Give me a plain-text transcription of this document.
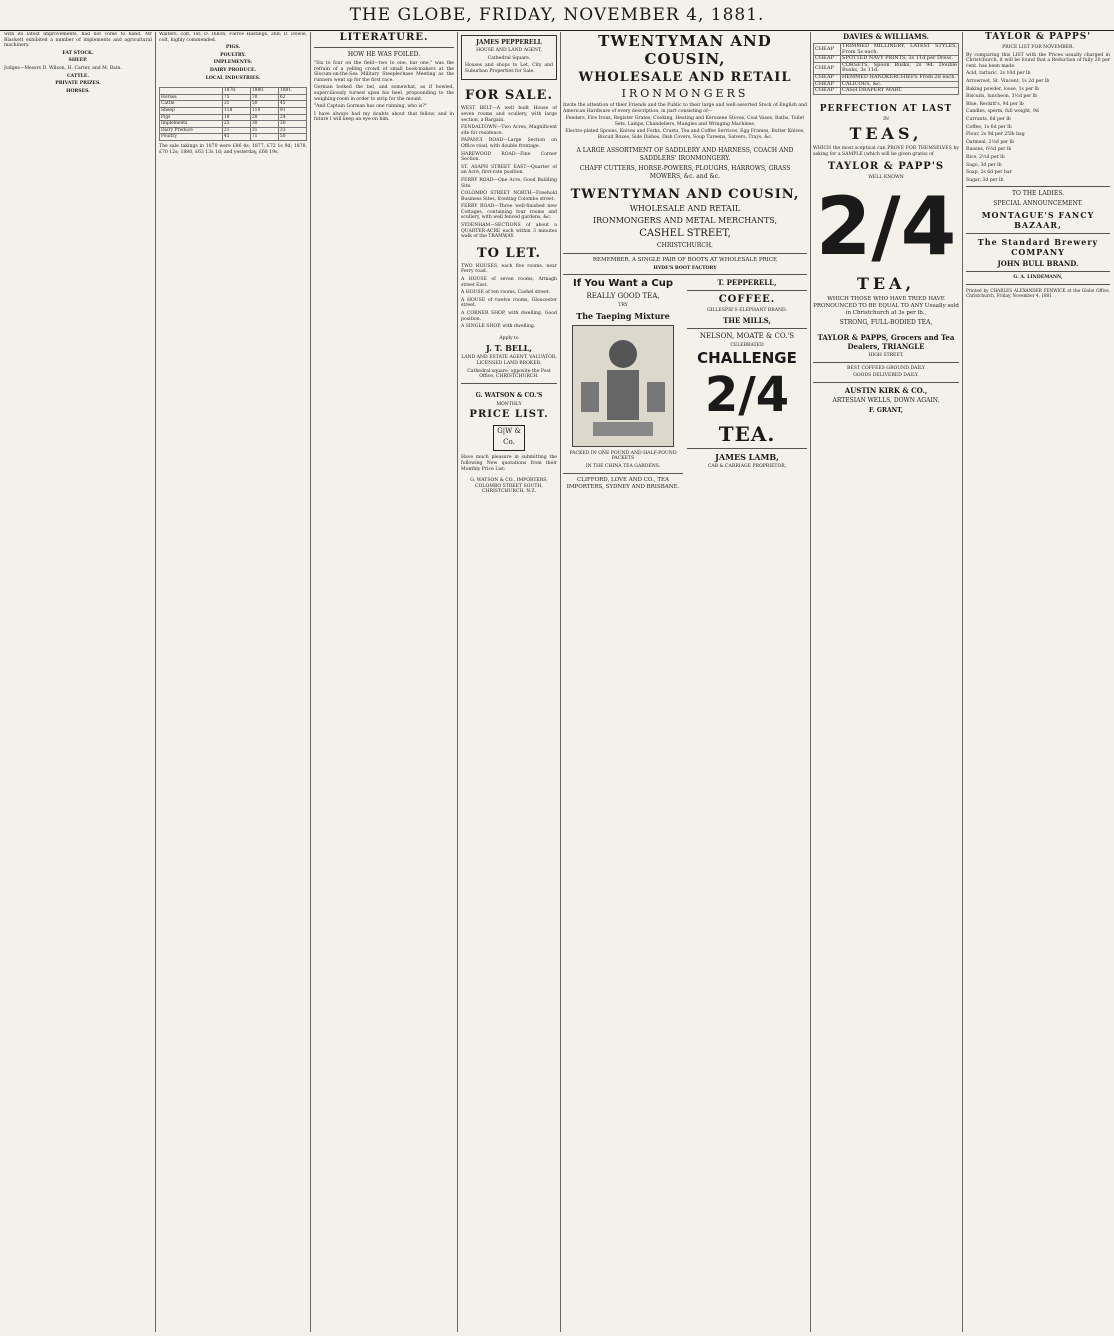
THE GLOBE, FRIDAY, NOVEMBER 4, 1881.

with its latest improvements, had not come to hand. Mr Blackett exhibited a number of implements and agricultural machinery.

FAT STOCK.

SHEEP.

Judges—Messrs D. Wilson, H. Carter, and M. Bain.

CATTLE.

PRIVATE PRIZES.

HORSES.

Walters, colt, 1st; D. Dillon, Fierce Hastings, 2nd; D. Dowie, colt, highly commended.

PIGS.

POULTRY.

IMPLEMENTS.

DAIRY PRODUCE.

LOCAL INDUSTRIES.

	1878.	1880.	1881.
Horses	75	70	62
Cattle	31	50	45
Sheep	118	110	91
Pigs	18	20	24
Implements	25	30	30
Dairy Produce	21	31	33
Poultry	45	71	50

The sale takings in 1870 were £86 4s; 1877, £72 1s 9d; 1878, £70 12s; 1880, £63 13s 1d; and yesterday, £68 19s.

LITERATURE.

HOW HE WAS FOILED.

"Six to four on the field—two to one, bar one," was the refrain of a yelling crowd of small book-makers at the Slocum-on-the-Sea Military Steeplechase Meeting as the runners went up for the first race.

Gorman looked the bel, and somewhat, as if bowled, superciliously turned upon his heel, propounding to the weighing-room in order to strip for the mount.

"And Captain Gorman has one running, who is?"

I have always had my doubts about that fellow, and in future I will keep an eye on him.

JAMES PEPPERELL

HOUSE AND LAND AGENT,

Cathedral Square.

Houses and shops to Let, City and Suburban Properties for Sale.

FOR SALE.

WEST BELT—A well built House of seven rooms and scullery, with large section, a Bargain.

FENDALTOWN—Two Acres, Magnificent site for residence.

PAPANUI ROAD—Large Section on Office road, with double frontage.

HAREWOOD ROAD—Fine Corner Section.

ST. ASAPH STREET EAST—Quarter of an Acre, first-rate position.

FERRY ROAD—One Acre. Good Building Site.

COLOMBO STREET NORTH—Freehold Business Sites, fronting Colombo street.

FERRY ROAD—Three well-finished new Cottages, containing four rooms and scullery, with well fenced gardens, &c.

SYDENHAM—SECTIONS of about a QUARTER-ACRE each within 3 minutes walk of the TRAMWAY.

TO LET.

TWO HOUSES, each five rooms, near Ferry road.

A HOUSE of seven rooms, Armagh street East.

A HOUSE of ten rooms, Cashel street.

A HOUSE of twelve rooms, Gloucester street.

A CORNER SHOP, with dwelling. Good position.

A SINGLE SHOP, with dwelling.

Apply to

J. T. BELL,

LAND AND ESTATE AGENT, VALUATOR, LICENSED LAND BROKER.

Cathedral square, opposite the Post Office, CHRISTCHURCH.

G. WATSON & CO.'S

MONTHLY

PRICE LIST.

G|W & Co.

Have much pleasure in submitting the following New quotations from their Monthly Price List:

G. WATSON & CO., IMPORTERS, COLOMBO STREET SOUTH, CHRISTCHURCH, N.Z.

TWENTYMAN AND COUSIN,

WHOLESALE AND RETAIL

IRONMONGERS

Invite the attention of their Friends and the Public to their large and well-assorted Stock of English and American Hardware of every description, in part consisting of—

Fenders, Fire Irons, Register Grates, Cooking, Heating and Kerosene Stoves, Coal Vases, Baths, Toilet Sets, Lamps, Chandeliers, Mangles and Wringing Machines.

Electro-plated Spoons, Knives and Forks, Cruets, Tea and Coffee Services, Egg Frames, Butter Knives, Biscuit Boxes, Side Dishes, Dish Covers, Soup Tureens, Salvers, Trays, &c.

A LARGE ASSORTMENT OF SADDLERY AND HARNESS, COACH AND SADDLERS' IRONMONGERY.

CHAFF CUTTERS, HORSE-POWERS, PLOUGHS, HARROWS, GRASS MOWERS, &c. and &c.

TWENTYMAN AND COUSIN,

WHOLESALE AND RETAIL

IRONMONGERS AND METAL MERCHANTS,

CASHEL STREET,

CHRISTCHURCH.

REMEMBER, A SINGLE PAIR OF BOOTS AT WHOLESALE PRICE

HYDE'S BOOT FACTORY

If You Want a Cup

REALLY GOOD TEA,

TRY

The Taeping Mixture

PACKED IN ONE POUND AND HALF-POUND PACKETS

IN THE CHINA TEA GARDENS.

CLIFFORD, LOVE AND CO., TEA IMPORTERS, SYDNEY AND BRISBANE.

T. PEPPERELL,

COFFEE.

GILLESPIE'S ELEPHANT BRAND.

THE MILLS,

NELSON, MOATE & CO.'S

CELEBRATED

CHALLENGE

2/4

TEA.

JAMES LAMB,

CAB & CARRIAGE PROPRIETOR,

DAVIES & WILLIAMS.

CHEAP	TRIMMED MILLINERY, LATEST STYLES, From 5s each.
CHEAP	SPOTTED NAVY PRINTS, 3s 11d per Dress.
CHEAP	CORSETS, Spoon Busks, 2s 9d. Double Busks, 3s 11d.
CHEAP	HEMMED HANDKERCHIEFS From 2d each.
CHEAP	CALICOES, &c.
CHEAP	CASH DRAPERY MART.

PERFECTION AT LAST

IN

TEAS,

WHICH the most sceptical can PROVE FOR THEMSELVES by asking for a SAMPLE (which will be given gratis) of

TAYLOR & PAPP'S

WELL KNOWN

2/4

TEA,

WHICH THOSE WHO HAVE TRIED HAVE PRONOUNCED TO BE EQUAL TO ANY Usually sold in Christchurch at 3s per lb.,

STRONG, FULL-BODIED TEA,

TAYLOR & PAPPS, Grocers and Tea Dealers, TRIANGLE

HIGH STREET,

BEST COFFEES GROUND DAILY

GOODS DELIVERED DAILY.

AUSTIN KIRK & CO.,

ARTESIAN WELLS, DOWN AGAIN.

F. GRANT,

TAYLOR & PAPPS'

PRICE LIST FOR NOVEMBER.

By comparing this LIST with the Prices usually charged in Christchurch, it will be found that a Reduction of fully 20 per cent. has been made.

Acid, tartaric, 2s 10d per lb

Arrowroot, St. Vincent, 1s 2d per lb

Baking powder, loose, 1s per lb

Biscuits, luncheon, 3½d per lb

Blue, Reckitt's, 9d per lb

Candles, sperm, full weight, 9d

Currants, 6d per lb

Coffee, 1s 6d per lb

Flour, 2s 9d per 25lb bag

Oatmeal, 2½d per lb

Raisins, 6½d per lb

Rice, 2½d per lb

Sago, 3d per lb

Soap, 2s 6d per bar

Sugar, 3d per lb

TO THE LADIES.

SPECIAL ANNOUNCEMENT.

MONTAGUE'S FANCY BAZAAR,

The Standard Brewery COMPANY

JOHN BULL BRAND.

G. A. LINDEMANN,

Printed by CHARLES ALEXANDER FENWICK at the Globe Office, Christchurch, Friday, November 4, 1881
